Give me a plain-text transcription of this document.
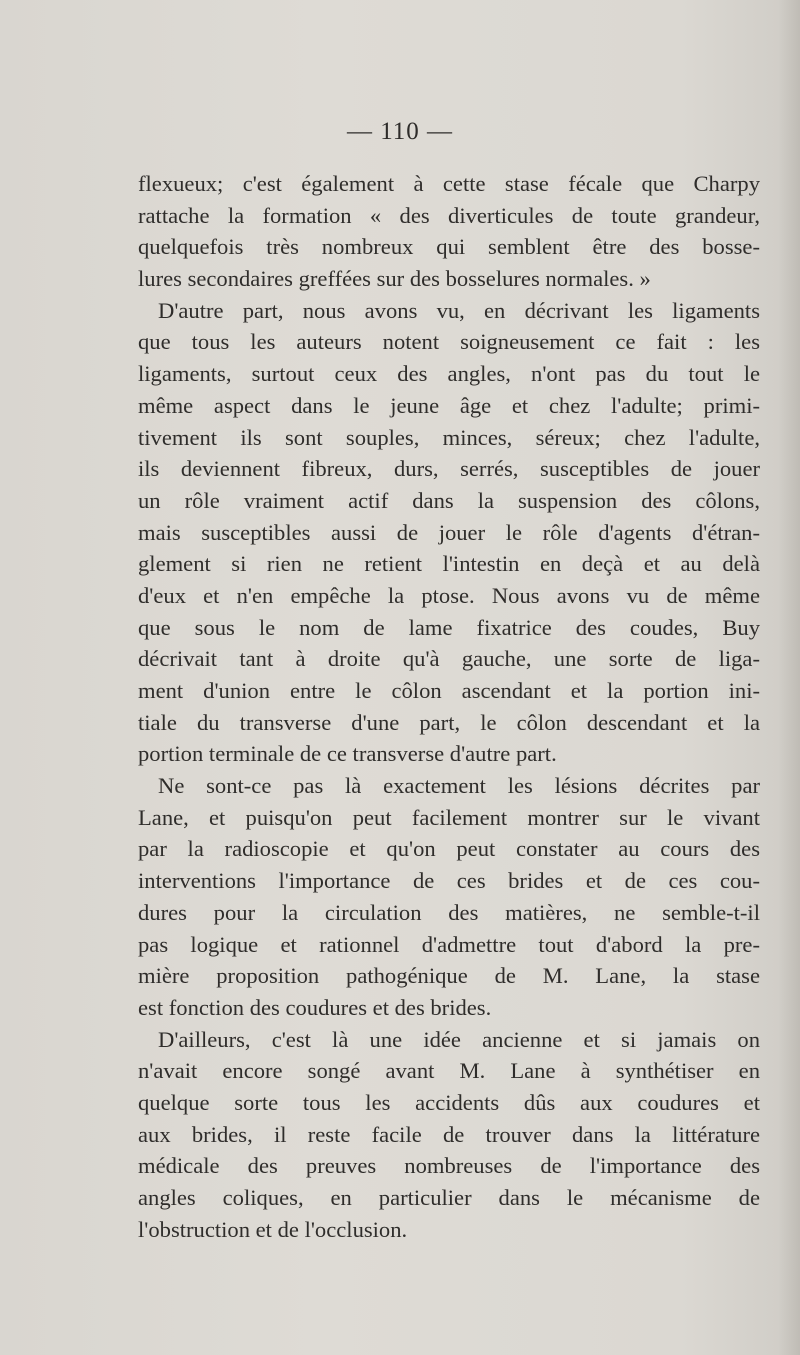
— 110 —
flexueux; c'est également à cette stase fécale que Charpy
rattache la formation « des diverticules de toute grandeur,
quelquefois très nombreux qui semblent être des bosse-
lures secondaires greffées sur des bosselures normales. »
D'autre part, nous avons vu, en décrivant les ligaments
que tous les auteurs notent soigneusement ce fait : les
ligaments, surtout ceux des angles, n'ont pas du tout le
même aspect dans le jeune âge et chez l'adulte; primi-
tivement ils sont souples, minces, séreux; chez l'adulte,
ils deviennent fibreux, durs, serrés, susceptibles de jouer
un rôle vraiment actif dans la suspension des côlons,
mais susceptibles aussi de jouer le rôle d'agents d'étran-
glement si rien ne retient l'intestin en deçà et au delà
d'eux et n'en empêche la ptose. Nous avons vu de même
que sous le nom de lame fixatrice des coudes, Buy
décrivait tant à droite qu'à gauche, une sorte de liga-
ment d'union entre le côlon ascendant et la portion ini-
tiale du transverse d'une part, le côlon descendant et la
portion terminale de ce transverse d'autre part.
Ne sont-ce pas là exactement les lésions décrites par
Lane, et puisqu'on peut facilement montrer sur le vivant
par la radioscopie et qu'on peut constater au cours des
interventions l'importance de ces brides et de ces cou-
dures pour la circulation des matières, ne semble-t-il
pas logique et rationnel d'admettre tout d'abord la pre-
mière proposition pathogénique de M. Lane, la stase
est fonction des coudures et des brides.
D'ailleurs, c'est là une idée ancienne et si jamais on
n'avait encore songé avant M. Lane à synthétiser en
quelque sorte tous les accidents dûs aux coudures et
aux brides, il reste facile de trouver dans la littérature
médicale des preuves nombreuses de l'importance des
angles coliques, en particulier dans le mécanisme de
l'obstruction et de l'occlusion.
